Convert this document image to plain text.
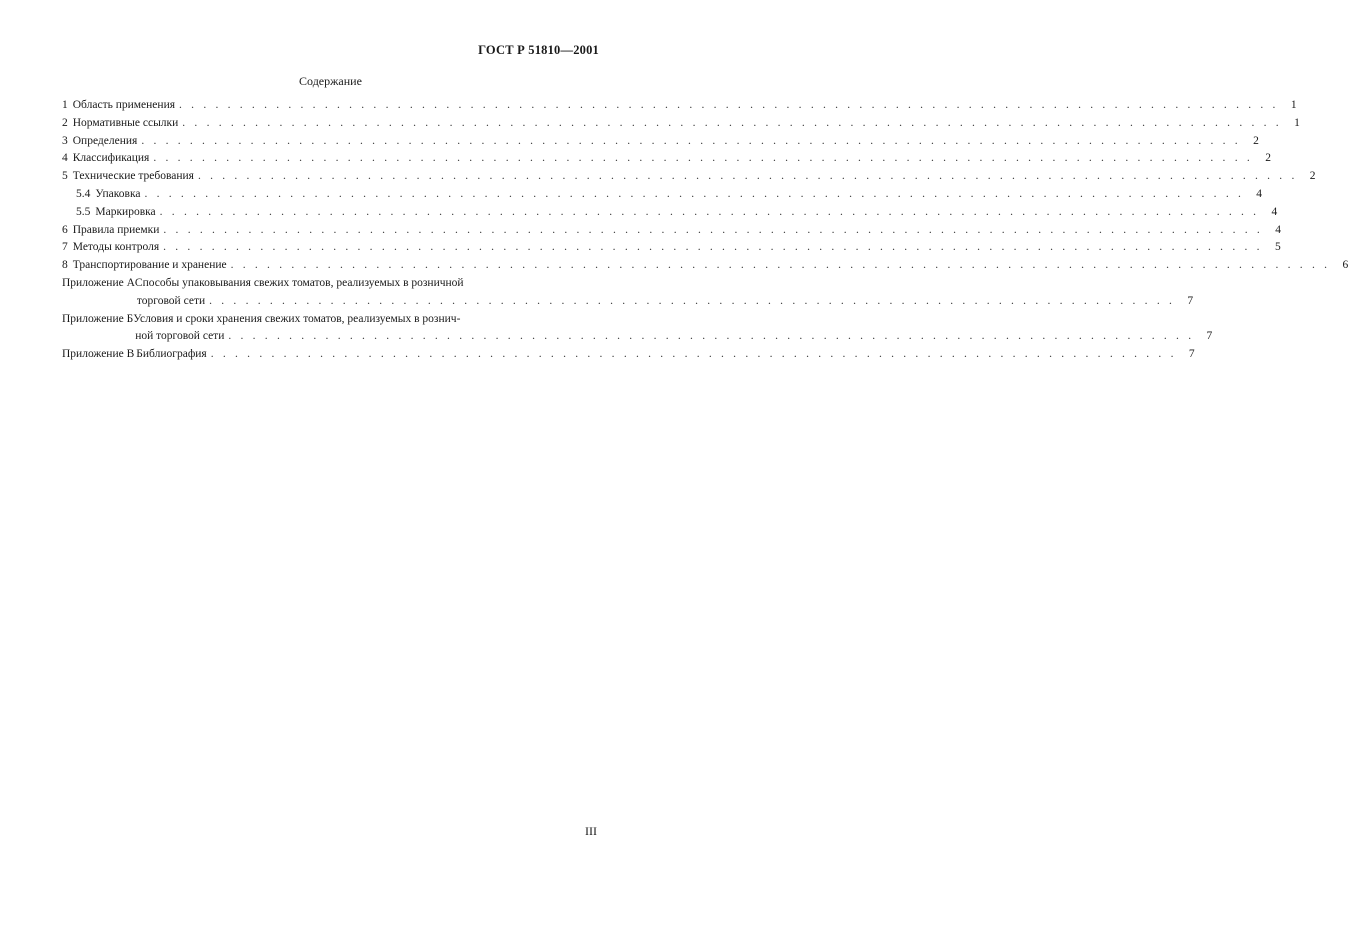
ГОСТ Р 51810—2001
Содержание
1 Область применения . . . . . . . . . . . . . . . . . . . . . . . . . . . . . . . . . . . . . . . . . . . . . . . . . . . . . . . . . . . . . . . . . . . . . . . . . . . . . . . . . . . . . . . . . . .	1
2 Нормативные ссылки . . . . . . . . . . . . . . . . . . . . . . . . . . . . . . . . . . . . . . . . . . . . . . . . . . . . . . . . . . . . . . . . . . . . . . . . . . . . . . . . . . . . . . . . . . .	1
3 Определения . . . . . . . . . . . . . . . . . . . . . . . . . . . . . . . . . . . . . . . . . . . . . . . . . . . . . . . . . . . . . . . . . . . . . . . . . . . . . . . . . . . . . . . . . . .	2
4 Классификация . . . . . . . . . . . . . . . . . . . . . . . . . . . . . . . . . . . . . . . . . . . . . . . . . . . . . . . . . . . . . . . . . . . . . . . . . . . . . . . . . . . . . . . . . . .	2
5 Технические требования . . . . . . . . . . . . . . . . . . . . . . . . . . . . . . . . . . . . . . . . . . . . . . . . . . . . . . . . . . . . . . . . . . . . . . . . . . . . . . . . . . . . . . . . . . .	2
5.4 Упаковка . . . . . . . . . . . . . . . . . . . . . . . . . . . . . . . . . . . . . . . . . . . . . . . . . . . . . . . . . . . . . . . . . . . . . . . . . . . . . . . . . . . . . . . . . . .	4
5.5 Маркировка . . . . . . . . . . . . . . . . . . . . . . . . . . . . . . . . . . . . . . . . . . . . . . . . . . . . . . . . . . . . . . . . . . . . . . . . . . . . . . . . . . . . . . . . . . .	4
6 Правила приемки . . . . . . . . . . . . . . . . . . . . . . . . . . . . . . . . . . . . . . . . . . . . . . . . . . . . . . . . . . . . . . . . . . . . . . . . . . . . . . . . . . . . . . . . . . .	4
7 Методы контроля . . . . . . . . . . . . . . . . . . . . . . . . . . . . . . . . . . . . . . . . . . . . . . . . . . . . . . . . . . . . . . . . . . . . . . . . . . . . . . . . . . . . . . . . . . .	5
8 Транспортирование и хранение . . . . . . . . . . . . . . . . . . . . . . . . . . . . . . . . . . . . . . . . . . . . . . . . . . . . . . . . . . . . . . . . . . . . . . . . . . . . . . . . . . . . . . . . . . .	6
Приложение А Способы упаковывания свежих томатов, реализуемых в розничной
торговой сети . . . . . . . . . . . . . . . . . . . . . . . . . . . . . . . . . . . . . . . . . . . . . . . . . . . . . . . . . . . . . . . . . . . . . . . . . . . . . . . .	7
Приложение Б Условия и сроки хранения свежих томатов, реализуемых в рознич-
ной торговой сети . . . . . . . . . . . . . . . . . . . . . . . . . . . . . . . . . . . . . . . . . . . . . . . . . . . . . . . . . . . . . . . . . . . . . . . . . . . . . . . .	7
Приложение В Библиография . . . . . . . . . . . . . . . . . . . . . . . . . . . . . . . . . . . . . . . . . . . . . . . . . . . . . . . . . . . . . . . . . . . . . . . . . . . . . . . .	7
III
